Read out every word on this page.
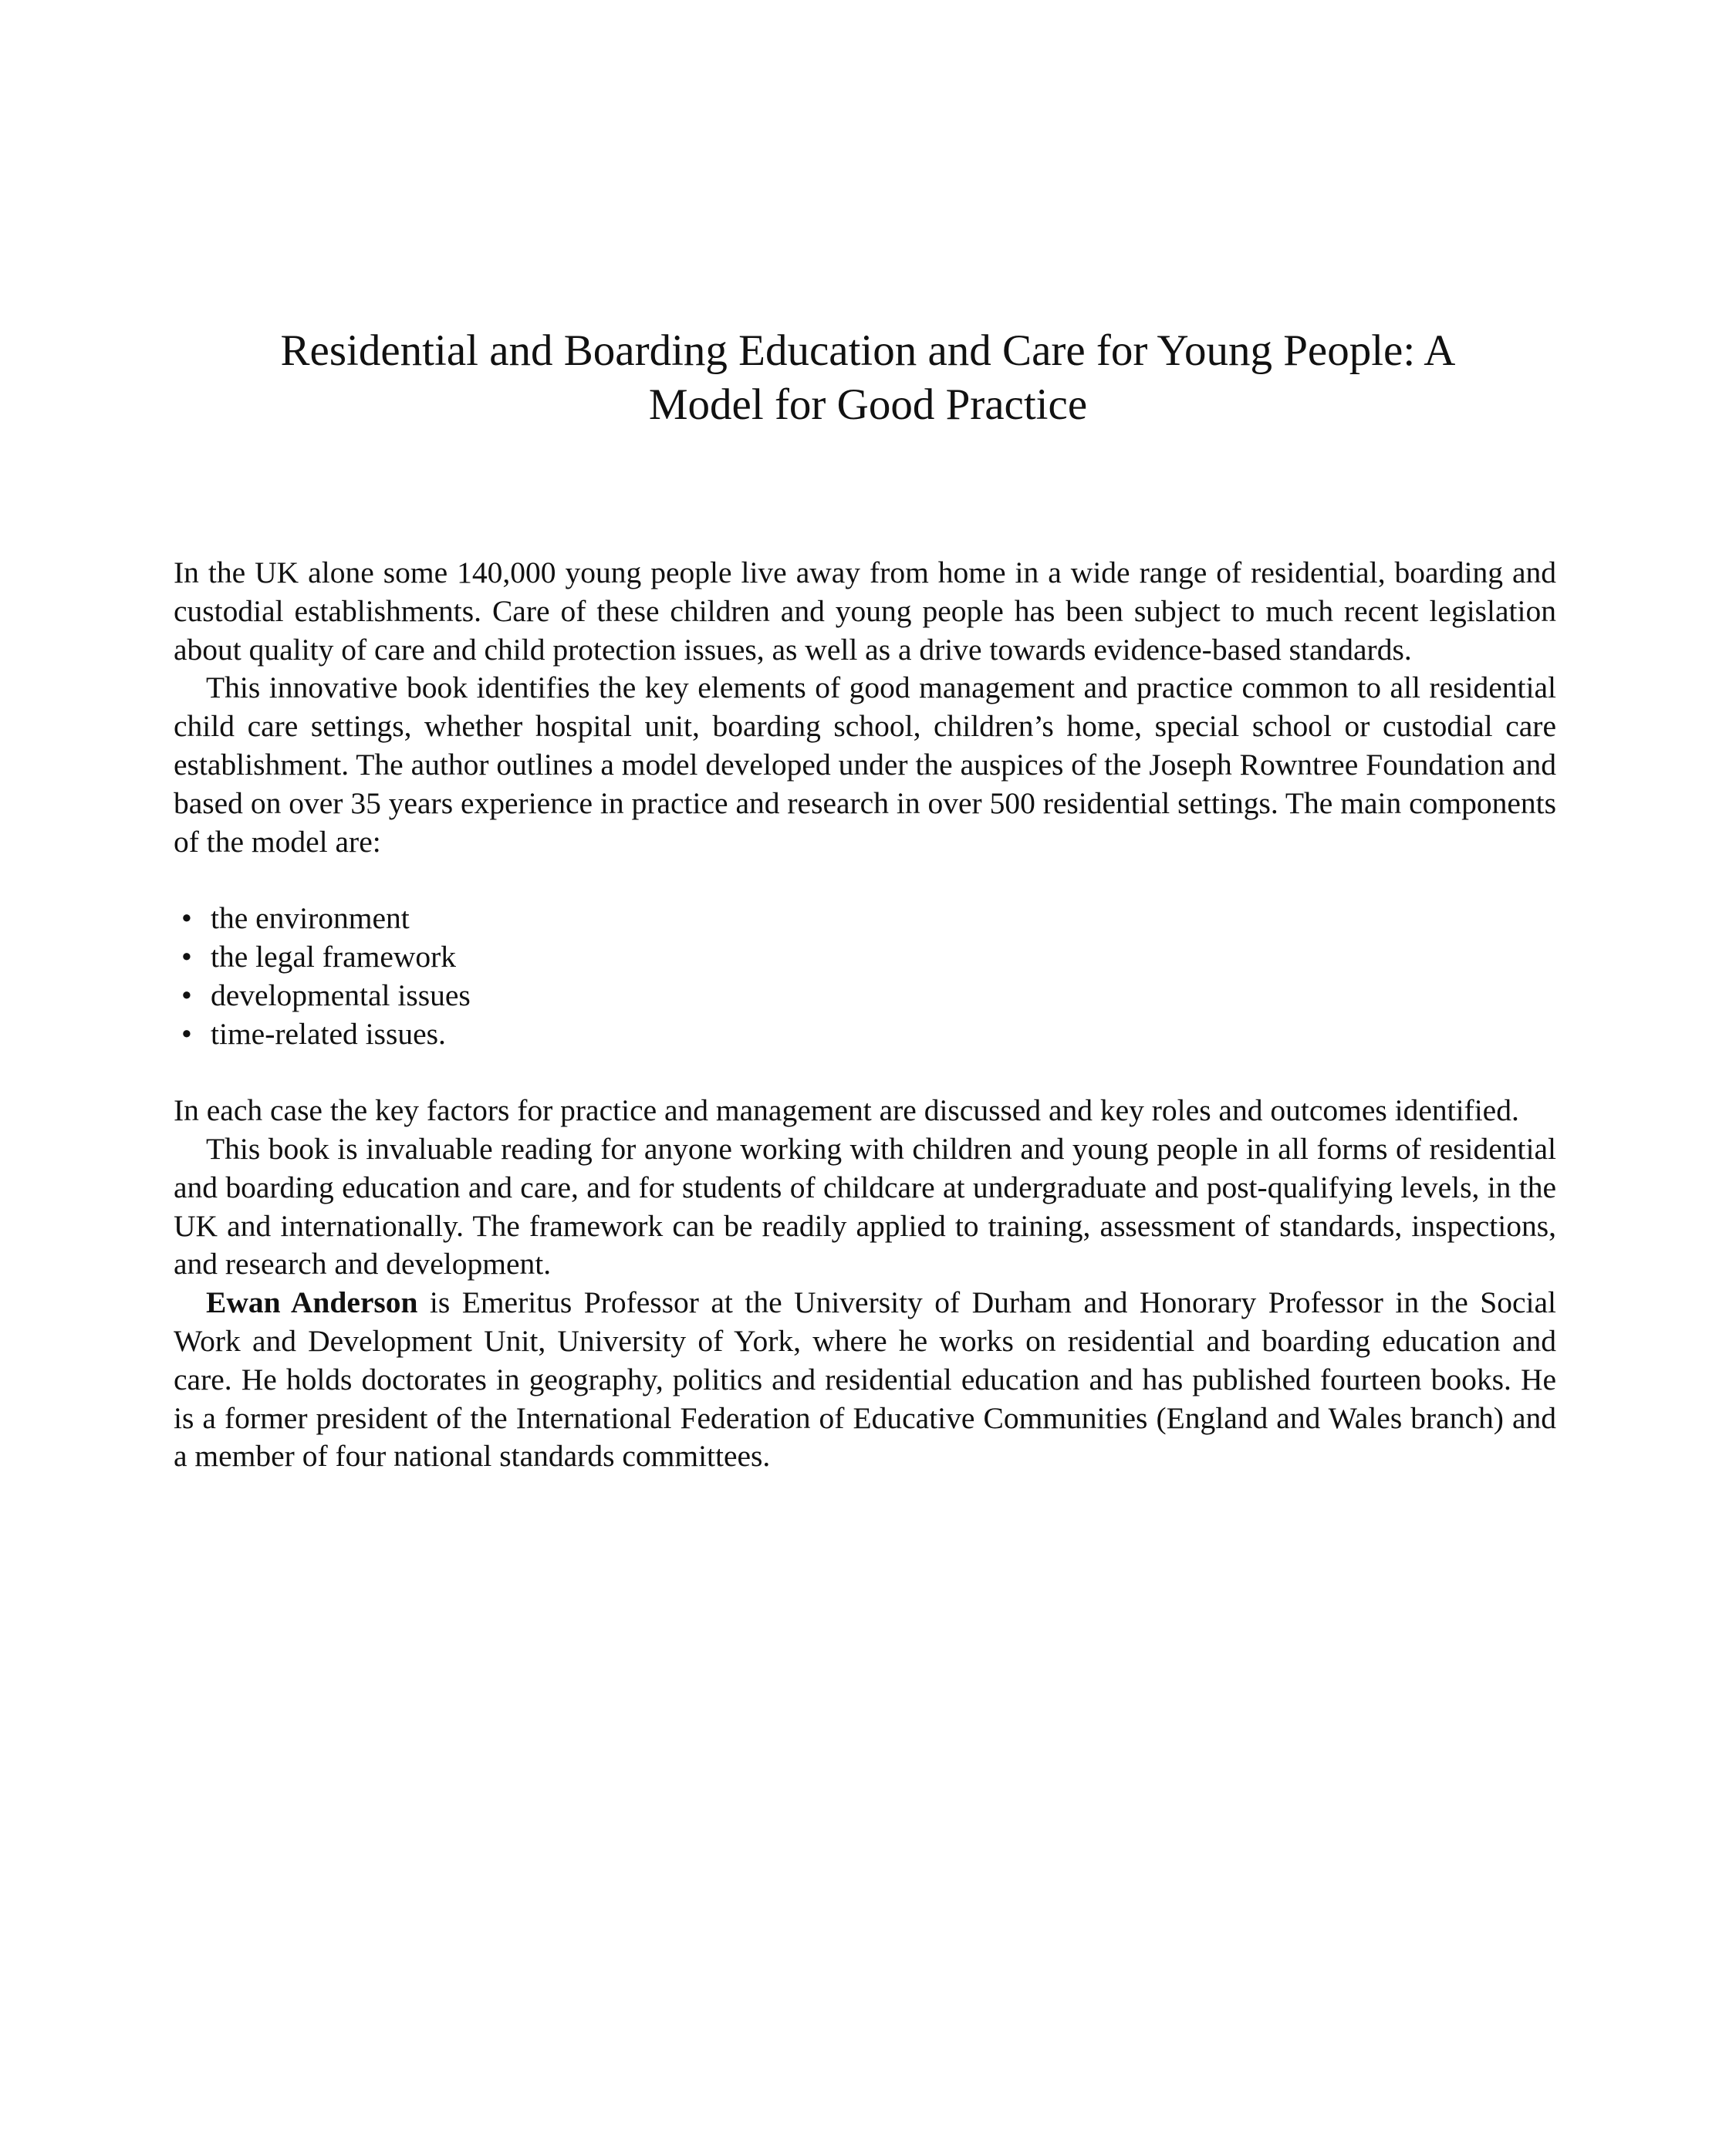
Residential and Boarding Education and Care for Young People: A
Model for Good Practice

In the UK alone some 140,000 young people live away from home in a wide range of residential, boarding and custodial establishments. Care of these children and young people has been subject to much recent legislation about quality of care and child protection issues, as well as a drive towards evidence-based standards.

This innovative book identifies the key elements of good management and practice common to all residential child care settings, whether hospital unit, boarding school, children’s home, special school or custodial care establishment. The author outlines a model developed under the auspices of the Joseph Rowntree Foundation and based on over 35 years experience in practice and research in over 500 residential settings. The main components of the model are:

• the environment
• the legal framework
• developmental issues
• time-related issues.

In each case the key factors for practice and management are discussed and key roles and outcomes identified.

This book is invaluable reading for anyone working with children and young people in all forms of residential and boarding education and care, and for students of childcare at undergraduate and post-qualifying levels, in the UK and internationally. The framework can be readily applied to training, assessment of standards, inspections, and research and development.

Ewan Anderson is Emeritus Professor at the University of Durham and Honorary Professor in the Social Work and Development Unit, University of York, where he works on residential and boarding education and care. He holds doctorates in geography, politics and residential education and has published fourteen books. He is a former president of the International Federation of Educative Communities (England and Wales branch) and a member of four national standards committees.
